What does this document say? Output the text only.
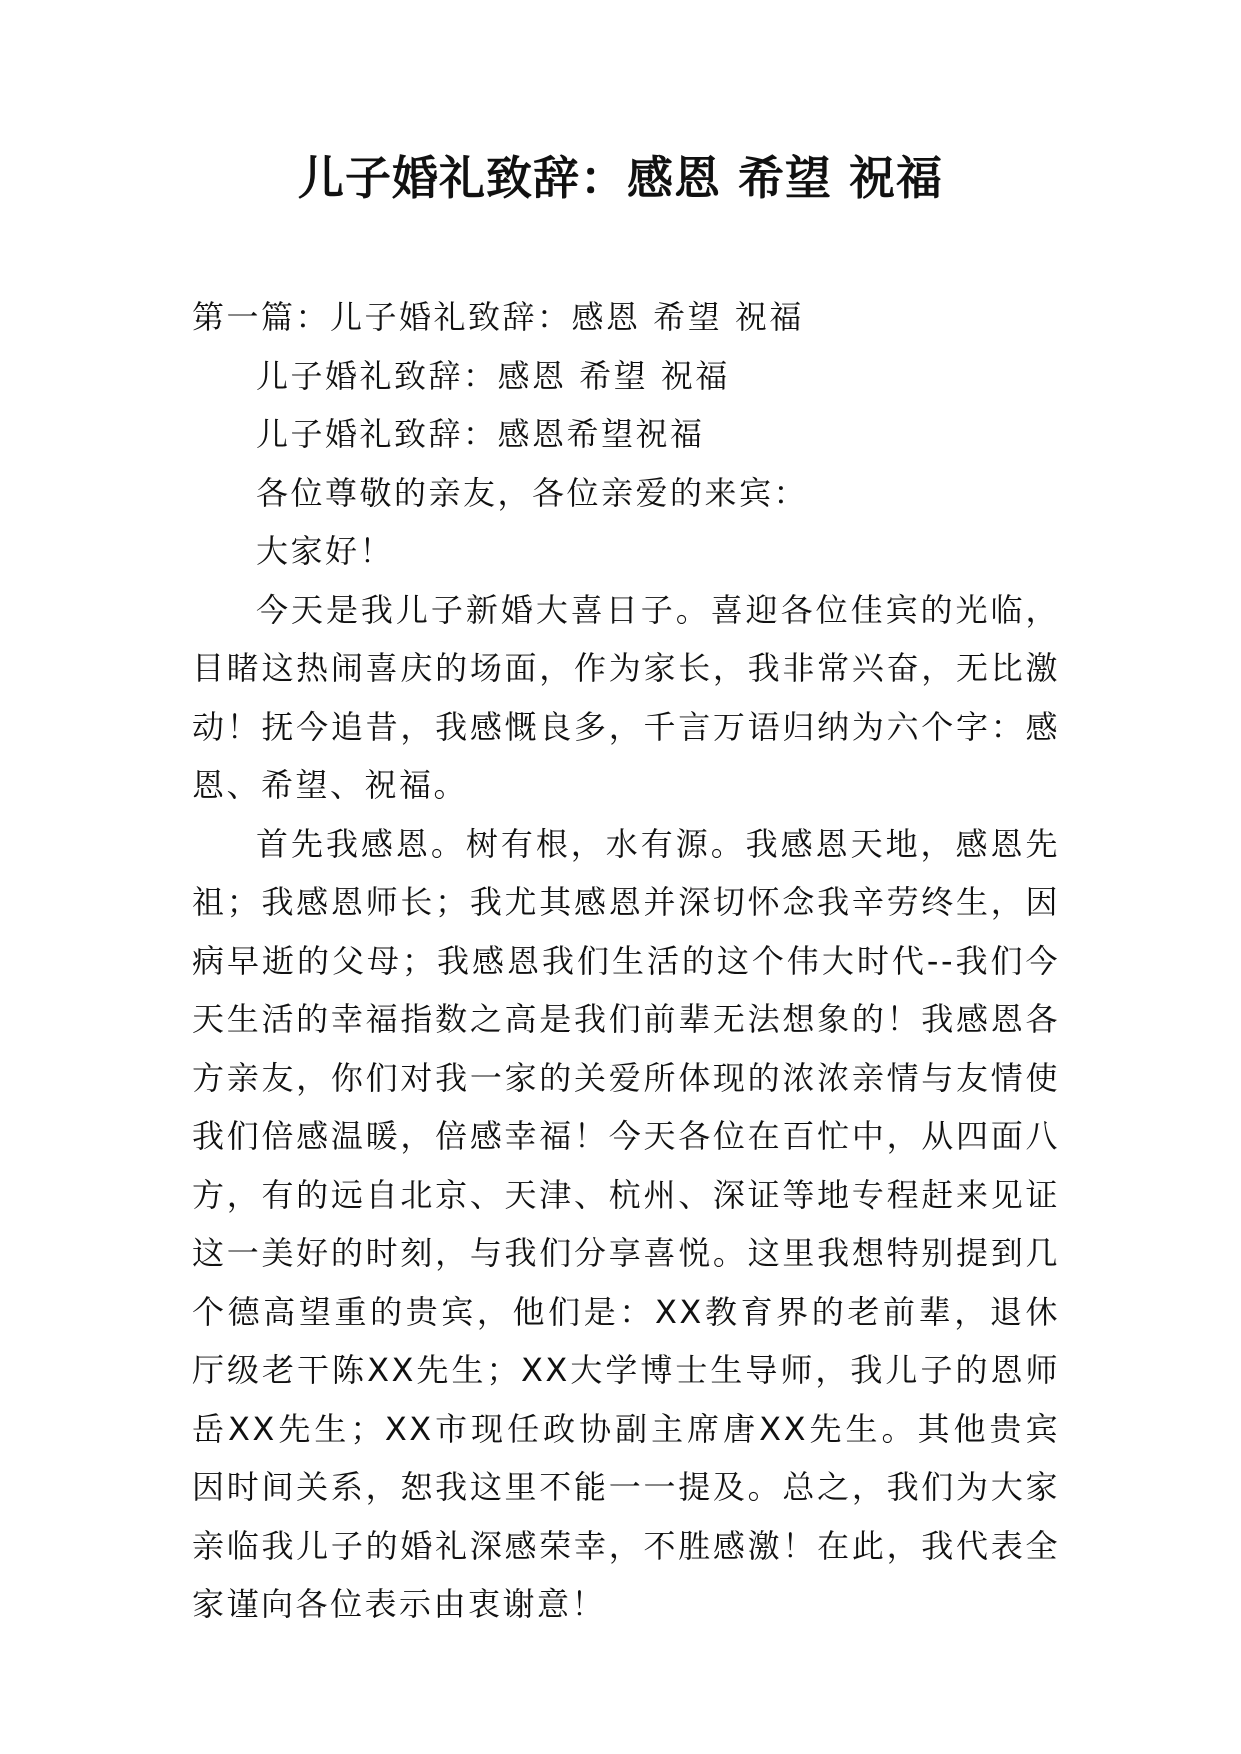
儿子婚礼致辞：感恩 希望 祝福

第一篇：儿子婚礼致辞：感恩 希望 祝福

儿子婚礼致辞：感恩 希望 祝福

儿子婚礼致辞：感恩希望祝福

各位尊敬的亲友，各位亲爱的来宾：

大家好！

今天是我儿子新婚大喜日子。喜迎各位佳宾的光临，目睹这热闹喜庆的场面，作为家长，我非常兴奋，无比激动！抚今追昔，我感慨良多，千言万语归纳为六个字：感恩、希望、祝福。

首先我感恩。树有根，水有源。我感恩天地，感恩先祖；我感恩师长；我尤其感恩并深切怀念我辛劳终生，因病早逝的父母；我感恩我们生活的这个伟大时代--我们今天生活的幸福指数之高是我们前辈无法想象的！我感恩各方亲友，你们对我一家的关爱所体现的浓浓亲情与友情使我们倍感温暖，倍感幸福！今天各位在百忙中，从四面八方，有的远自北京、天津、杭州、深证等地专程赶来见证这一美好的时刻，与我们分享喜悦。这里我想特别提到几个德高望重的贵宾，他们是：XX教育界的老前辈，退休厅级老干陈XX先生；XX大学博士生导师，我儿子的恩师岳XX先生；XX市现任政协副主席唐XX先生。其他贵宾因时间关系，恕我这里不能一一提及。总之，我们为大家亲临我儿子的婚礼深感荣幸，不胜感激！在此，我代表全家谨向各位表示由衷谢意！
